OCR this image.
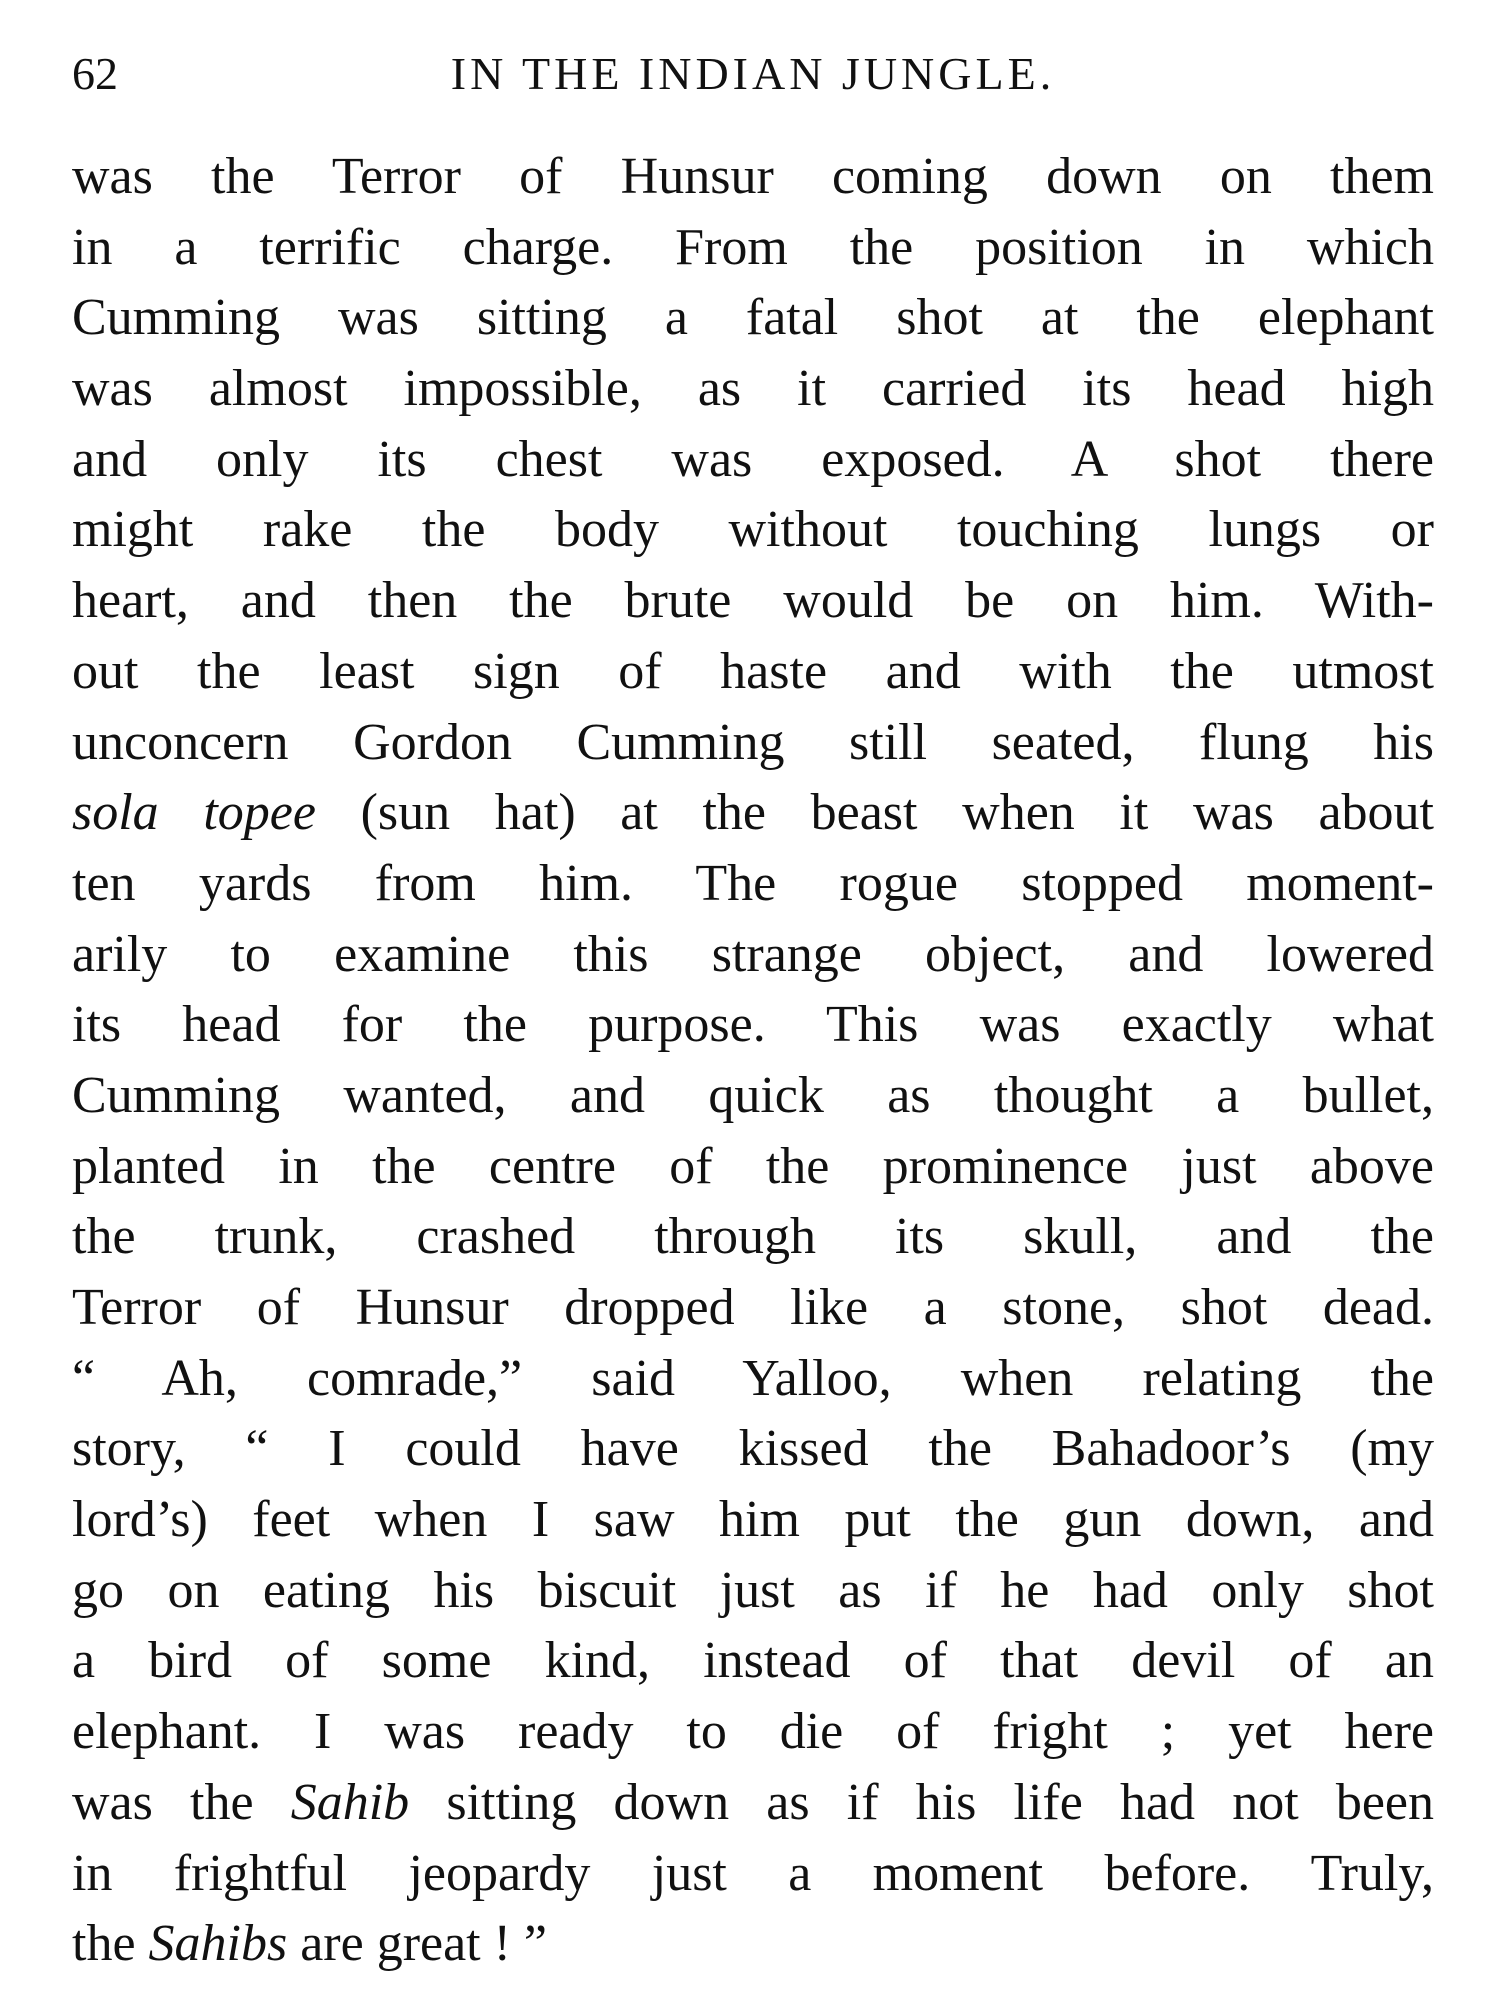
62	IN THE INDIAN JUNGLE.
was the Terror of Hunsur coming down on them
in a terrific charge. From the position in which
Cumming was sitting a fatal shot at the elephant
was almost impossible, as it carried its head high
and only its chest was exposed. A shot there
might rake the body without touching lungs or
heart, and then the brute would be on him. With-
out the least sign of haste and with the utmost
unconcern Gordon Cumming still seated, flung his
sola topee (sun hat) at the beast when it was about
ten yards from him. The rogue stopped moment-
arily to examine this strange object, and lowered
its head for the purpose. This was exactly what
Cumming wanted, and quick as thought a bullet,
planted in the centre of the prominence just above
the trunk, crashed through its skull, and the
Terror of Hunsur dropped like a stone, shot dead.
“ Ah, comrade,” said Yalloo, when relating the
story, “ I could have kissed the Bahadoor’s (my
lord’s) feet when I saw him put the gun down, and
go on eating his biscuit just as if he had only shot
a bird of some kind, instead of that devil of an
elephant. I was ready to die of fright ; yet here
was the Sahib sitting down as if his life had not been
in frightful jeopardy just a moment before. Truly,
the Sahibs are great ! ”
